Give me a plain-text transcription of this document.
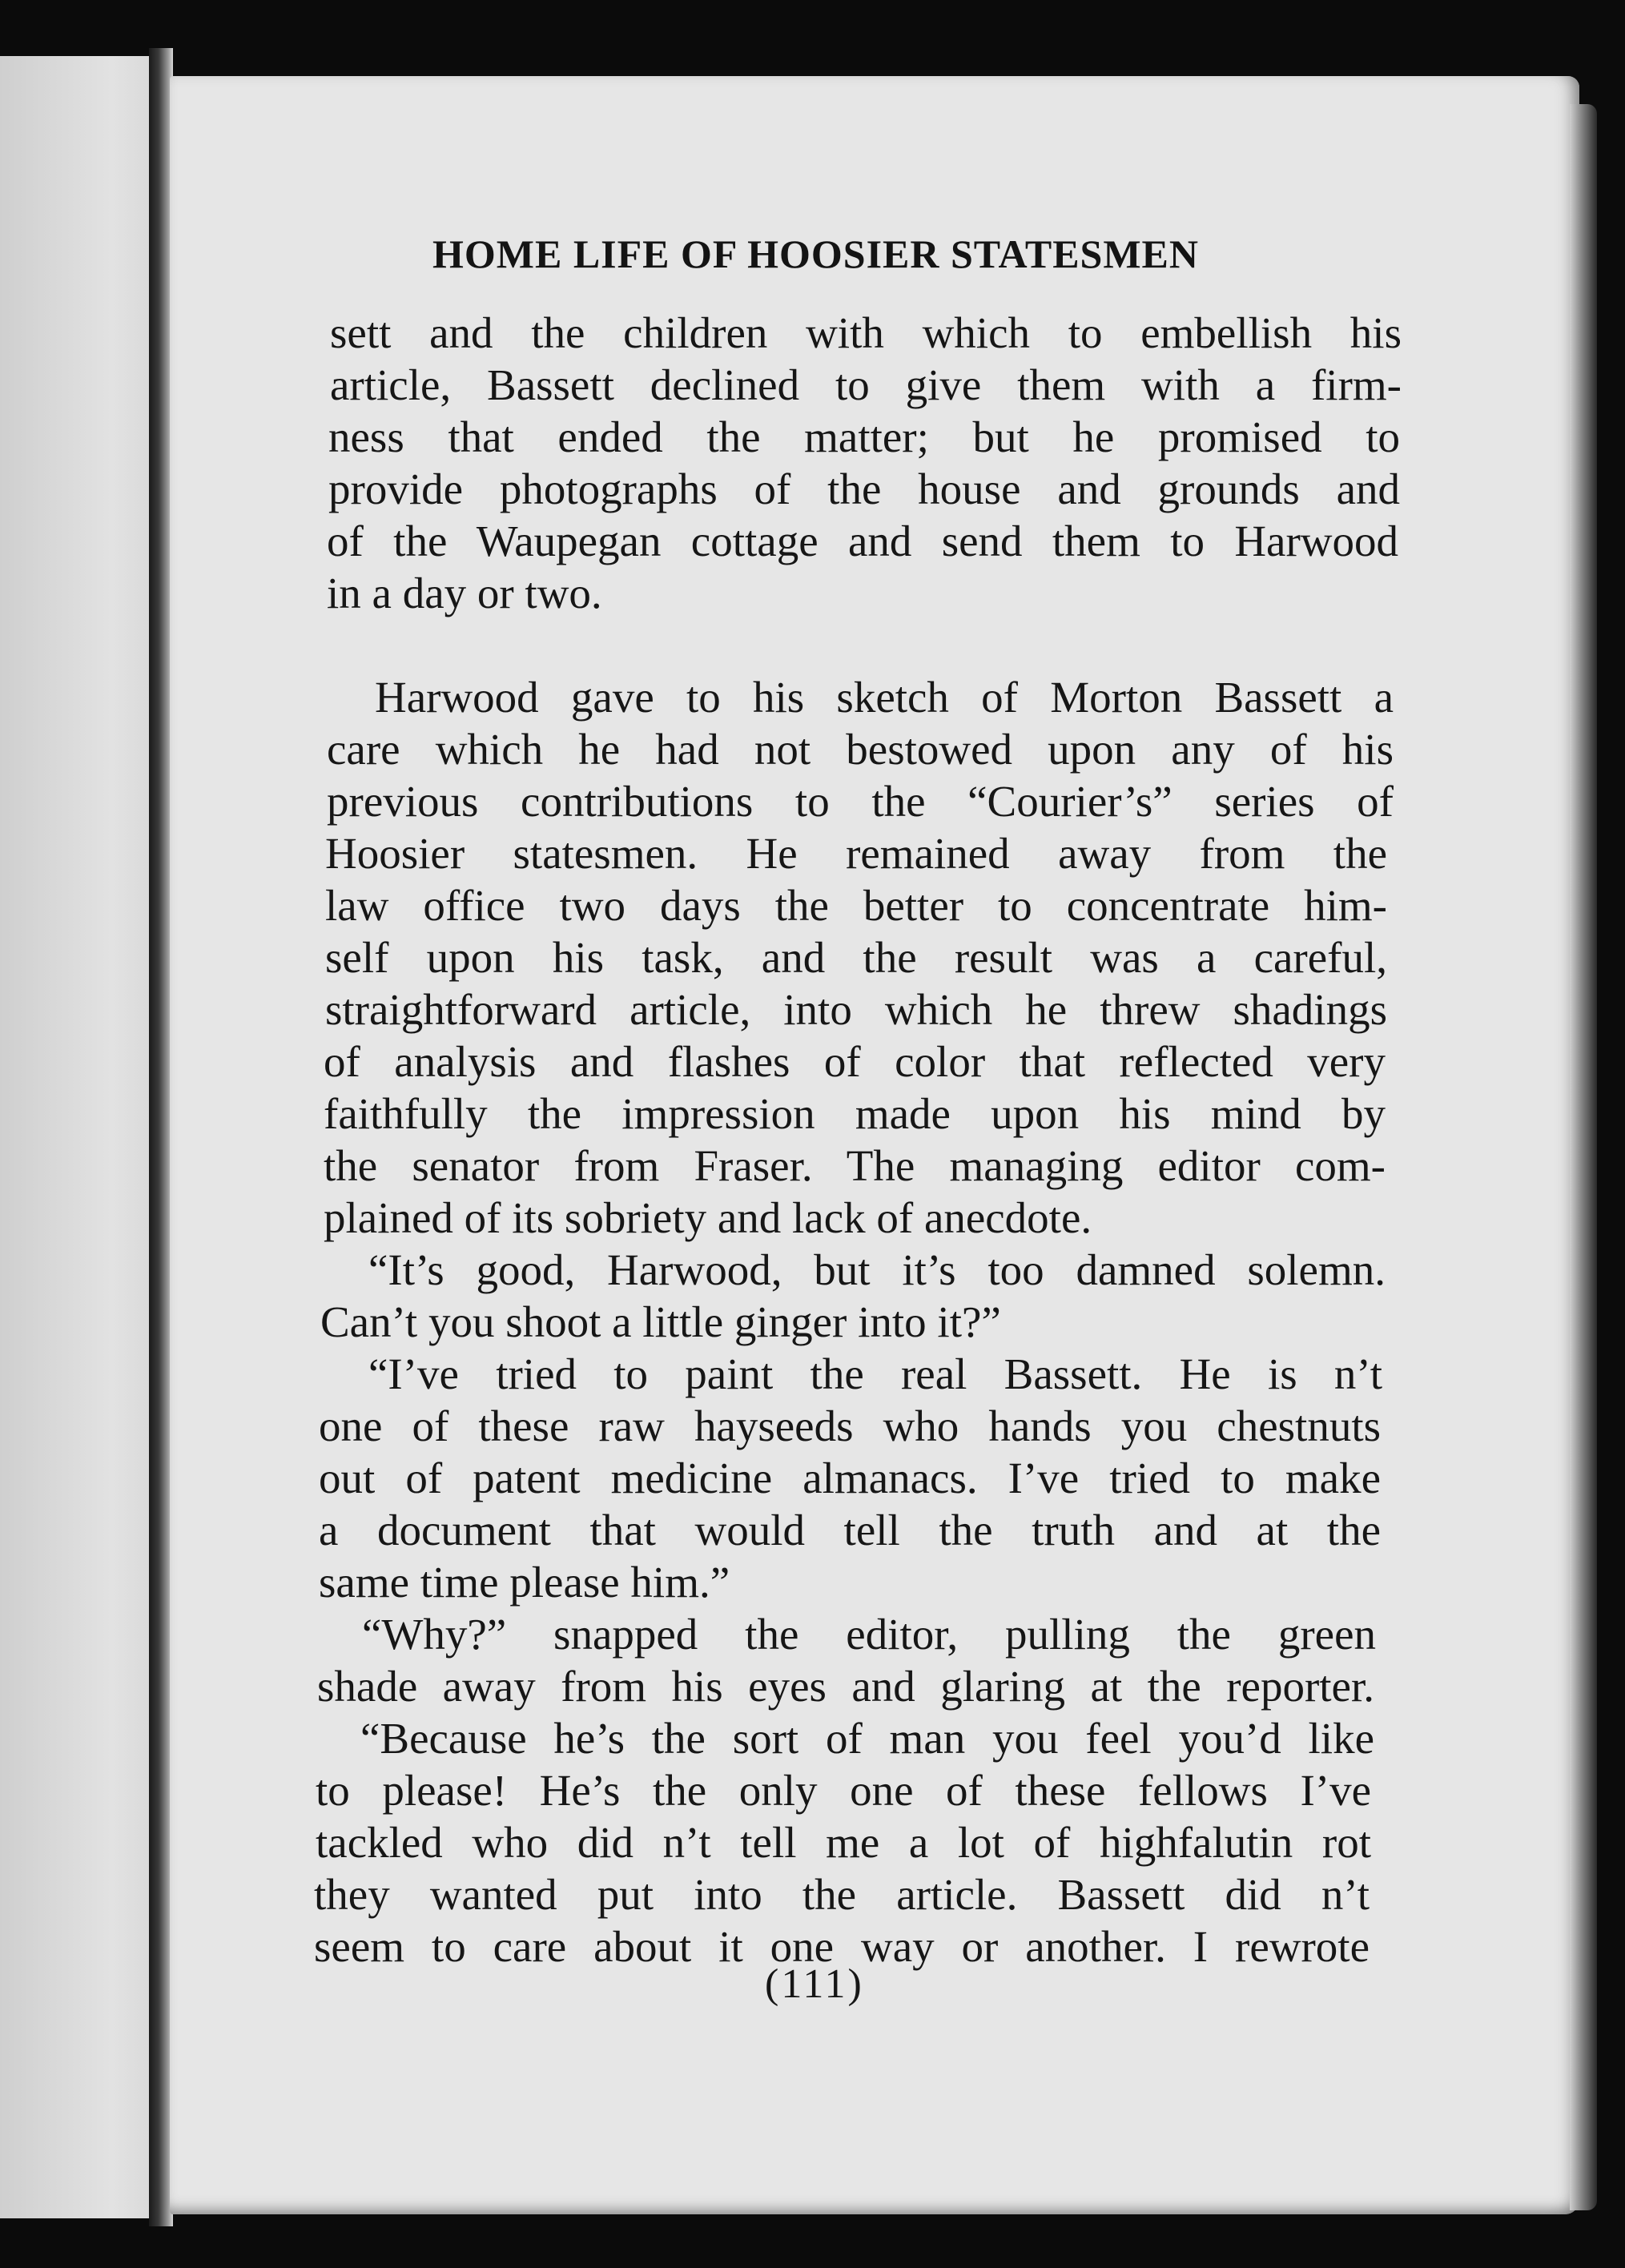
HOME LIFE OF HOOSIER STATESMEN
sett and the children with which to embellish his
article, Bassett declined to give them with a firm-
ness that ended the matter; but he promised to
provide photographs of the house and grounds and
of the Waupegan cottage and send them to Harwood
in a day or two.
Harwood gave to his sketch of Morton Bassett a
care which he had not bestowed upon any of his
previous contributions to the “Courier’s” series of
Hoosier statesmen. He remained away from the
law office two days the better to concentrate him-
self upon his task, and the result was a careful,
straightforward article, into which he threw shadings
of analysis and flashes of color that reflected very
faithfully the impression made upon his mind by
the senator from Fraser. The managing editor com-
plained of its sobriety and lack of anecdote.
“It’s good, Harwood, but it’s too damned solemn.
Can’t you shoot a little ginger into it?”
“I’ve tried to paint the real Bassett. He is n’t
one of these raw hayseeds who hands you chestnuts
out of patent medicine almanacs. I’ve tried to make
a document that would tell the truth and at the
same time please him.”
“Why?” snapped the editor, pulling the green
shade away from his eyes and glaring at the reporter.
“Because he’s the sort of man you feel you’d like
to please! He’s the only one of these fellows I’ve
tackled who did n’t tell me a lot of highfalutin rot
they wanted put into the article. Bassett did n’t
seem to care about it one way or another. I rewrote
(111)
